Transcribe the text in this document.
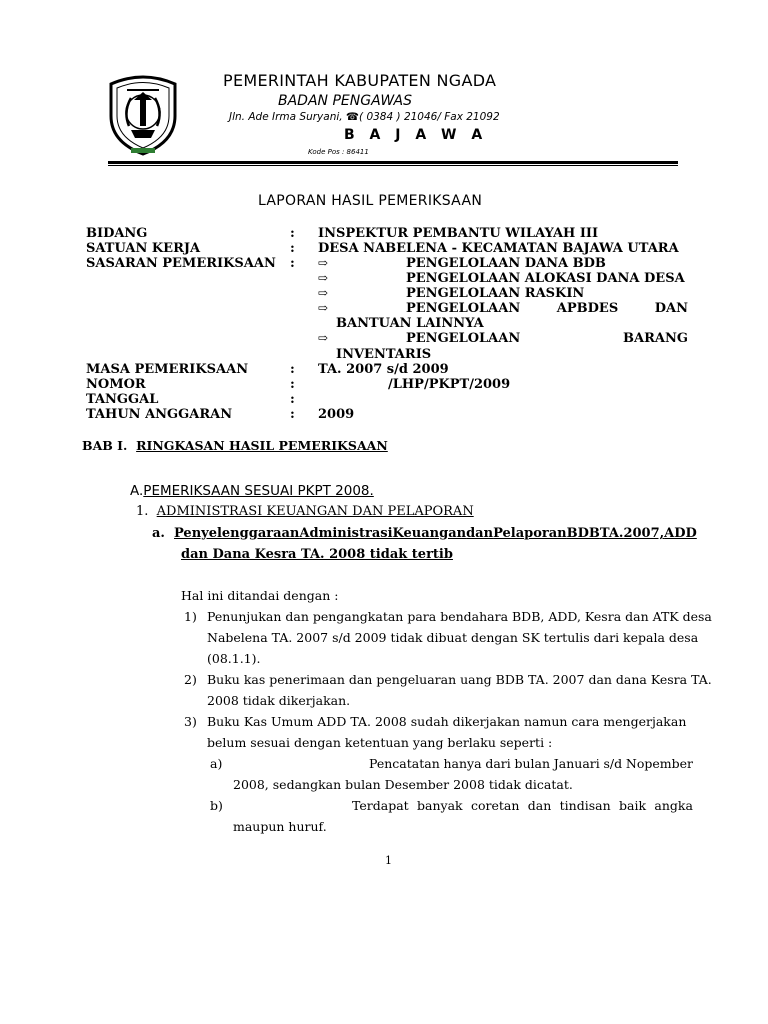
PEMERINTAH KABUPATEN NGADA
BADAN PENGAWAS
Jln. Ade Irma Suryani, ☎( 0384 ) 21046/ Fax 21092
B A J A W A
Kode Pos : 86411
LAPORAN HASIL PEMERIKSAAN
BIDANG	: INSPEKTUR PEMBANTU WILAYAH III
SATUAN KERJA	: DESA NABELENA - KECAMATAN BAJAWA UTARA
SASARAN PEMERIKSAAN : ⇨	PENGELOLAAN DANA BDB
⇨	PENGELOLAAN ALOKASI DANA DESA
⇨	PENGELOLAAN RASKIN
⇨	PENGELOLAAN	APBDES	DAN
BANTUAN LAINNYA
⇨	PENGELOLAAN	BARANG
INVENTARIS
MASA PEMERIKSAAN	: TA. 2007 s/d 2009
NOMOR	:	/LHP/PKPT/2009
TANGGAL	:
TAHUN ANGGARAN	: 2009
BAB I. RINGKASAN HASIL PEMERIKSAAN
A.PEMERIKSAAN SESUAI PKPT 2008.
1. ADMINISTRASI KEUANGAN DAN PELAPORAN
a. Penyelenggaraan Administrasi Keuangan dan Pelaporan BDB TA. 2007, ADD
dan Dana Kesra TA. 2008 tidak tertib
Hal ini ditandai dengan :
1) Penunjukan dan pengangkatan para bendahara BDB, ADD, Kesra dan ATK desa
Nabelena TA. 2007 s/d 2009 tidak dibuat dengan SK tertulis dari kepala desa
(08.1.1).
2) Buku kas penerimaan dan pengeluaran uang BDB TA. 2007 dan dana Kesra TA.
2008 tidak dikerjakan.
3) Buku Kas Umum ADD TA. 2008 sudah dikerjakan namun cara mengerjakan
belum sesuai dengan ketentuan yang berlaku seperti :
a)	Pencatatan hanya dari bulan Januari s/d Nopember
2008, sedangkan bulan Desember 2008 tidak dicatat.
b)	Terdapat banyak coretan dan tindisan baik angka
maupun huruf.
1
